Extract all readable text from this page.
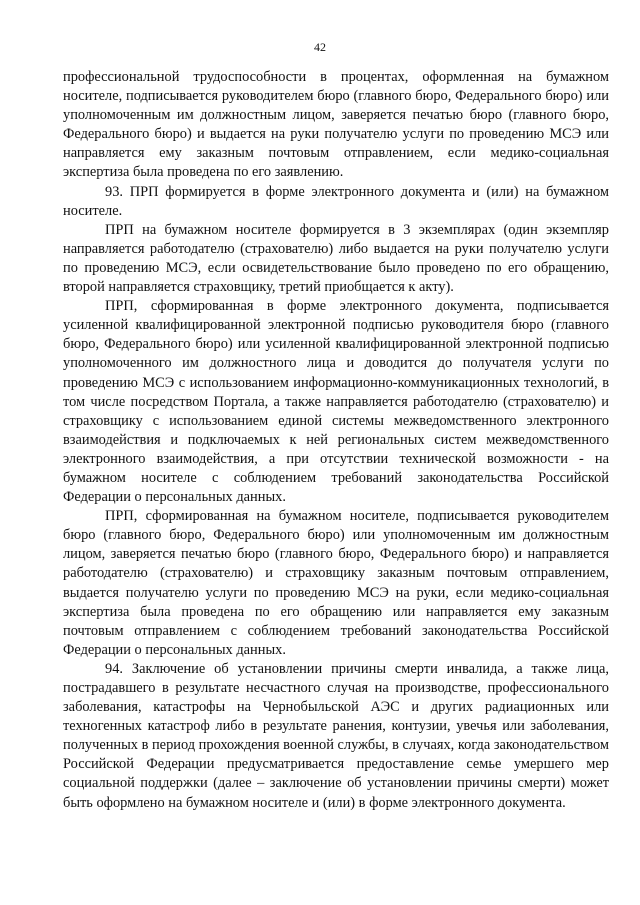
42

профессиональной трудоспособности в процентах, оформленная на бумажном носителе, подписывается руководителем бюро (главного бюро, Федерального бюро) или уполномоченным им должностным лицом, заверяется печатью бюро (главного бюро, Федерального бюро) и выдается на руки получателю услуги по проведению МСЭ или направляется ему заказным почтовым отправлением, если медико-социальная экспертиза была проведена по его заявлению.

93. ПРП формируется в форме электронного документа и (или) на бумажном носителе.

ПРП на бумажном носителе формируется в 3 экземплярах (один экземпляр направляется работодателю (страхователю) либо выдается на руки получателю услуги по проведению МСЭ, если освидетельствование было проведено по его обращению, второй направляется страховщику, третий приобщается к акту).

ПРП, сформированная в форме электронного документа, подписывается усиленной квалифицированной электронной подписью руководителя бюро (главного бюро, Федерального бюро) или усиленной квалифицированной электронной подписью уполномоченного им должностного лица и доводится до получателя услуги по проведению МСЭ с использованием информационно-коммуникационных технологий, в том числе посредством Портала, а также направляется работодателю (страхователю) и страховщику с использованием единой системы межведомственного электронного взаимодействия и подключаемых к ней региональных систем межведомственного электронного взаимодействия, а при отсутствии технической возможности - на бумажном носителе с соблюдением требований законодательства Российской Федерации о персональных данных.

ПРП, сформированная на бумажном носителе, подписывается руководителем бюро (главного бюро, Федерального бюро) или уполномоченным им должностным лицом, заверяется печатью бюро (главного бюро, Федерального бюро) и направляется работодателю (страхователю) и страховщику заказным почтовым отправлением, выдается получателю услуги по проведению МСЭ на руки, если медико-социальная экспертиза была проведена по его обращению или направляется ему заказным почтовым отправлением с соблюдением требований законодательства Российской Федерации о персональных данных.

94. Заключение об установлении причины смерти инвалида, а также лица, пострадавшего в результате несчастного случая на производстве, профессионального заболевания, катастрофы на Чернобыльской АЭС и других радиационных или техногенных катастроф либо в результате ранения, контузии, увечья или заболевания, полученных в период прохождения военной службы, в случаях, когда законодательством Российской Федерации предусматривается предоставление семье умершего мер социальной поддержки (далее – заключение об установлении причины смерти) может быть оформлено на бумажном носителе и (или) в форме электронного документа.
